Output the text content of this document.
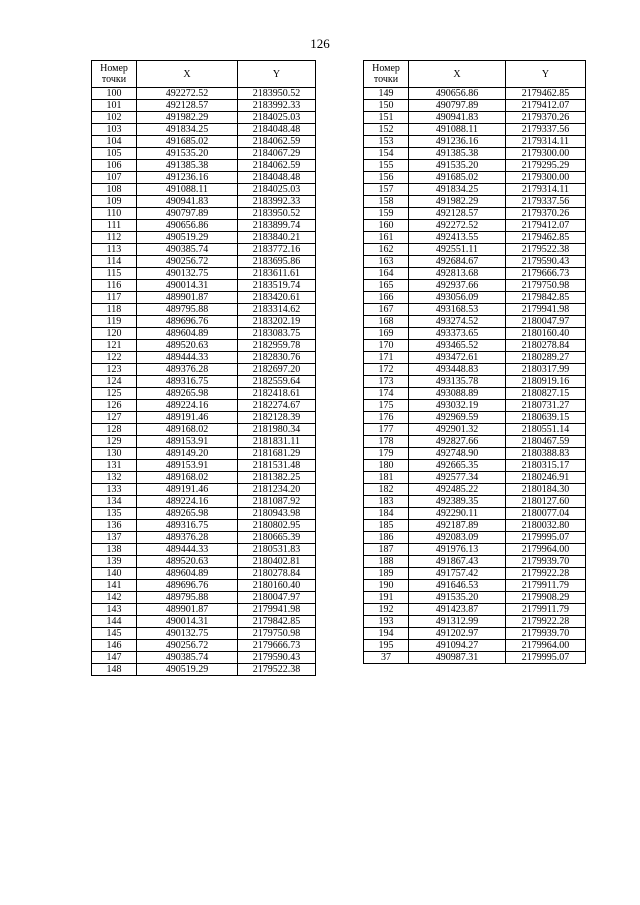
126
Номер точки	X	Y
100	492272.52	2183950.52
101	492128.57	2183992.33
102	491982.29	2184025.03
103	491834.25	2184048.48
104	491685.02	2184062.59
105	491535.20	2184067.29
106	491385.38	2184062.59
107	491236.16	2184048.48
108	491088.11	2184025.03
109	490941.83	2183992.33
110	490797.89	2183950.52
111	490656.86	2183899.74
112	490519.29	2183840.21
113	490385.74	2183772.16
114	490256.72	2183695.86
115	490132.75	2183611.61
116	490014.31	2183519.74
117	489901.87	2183420.61
118	489795.88	2183314.62
119	489696.76	2183202.19
120	489604.89	2183083.75
121	489520.63	2182959.78
122	489444.33	2182830.76
123	489376.28	2182697.20
124	489316.75	2182559.64
125	489265.98	2182418.61
126	489224.16	2182274.67
127	489191.46	2182128.39
128	489168.02	2181980.34
129	489153.91	2181831.11
130	489149.20	2181681.29
131	489153.91	2181531.48
132	489168.02	2181382.25
133	489191.46	2181234.20
134	489224.16	2181087.92
135	489265.98	2180943.98
136	489316.75	2180802.95
137	489376.28	2180665.39
138	489444.33	2180531.83
139	489520.63	2180402.81
140	489604.89	2180278.84
141	489696.76	2180160.40
142	489795.88	2180047.97
143	489901.87	2179941.98
144	490014.31	2179842.85
145	490132.75	2179750.98
146	490256.72	2179666.73
147	490385.74	2179590.43
148	490519.29	2179522.38
Номер точки	X	Y
149	490656.86	2179462.85
150	490797.89	2179412.07
151	490941.83	2179370.26
152	491088.11	2179337.56
153	491236.16	2179314.11
154	491385.38	2179300.00
155	491535.20	2179295.29
156	491685.02	2179300.00
157	491834.25	2179314.11
158	491982.29	2179337.56
159	492128.57	2179370.26
160	492272.52	2179412.07
161	492413.55	2179462.85
162	492551.11	2179522.38
163	492684.67	2179590.43
164	492813.68	2179666.73
165	492937.66	2179750.98
166	493056.09	2179842.85
167	493168.53	2179941.98
168	493274.52	2180047.97
169	493373.65	2180160.40
170	493465.52	2180278.84
171	493472.61	2180289.27
172	493448.83	2180317.99
173	493135.78	2180919.16
174	493088.89	2180827.15
175	493032.19	2180731.27
176	492969.59	2180639.15
177	492901.32	2180551.14
178	492827.66	2180467.59
179	492748.90	2180388.83
180	492665.35	2180315.17
181	492577.34	2180246.91
182	492485.22	2180184.30
183	492389.35	2180127.60
184	492290.11	2180077.04
185	492187.89	2180032.80
186	492083.09	2179995.07
187	491976.13	2179964.00
188	491867.43	2179939.70
189	491757.42	2179922.28
190	491646.53	2179911.79
191	491535.20	2179908.29
192	491423.87	2179911.79
193	491312.99	2179922.28
194	491202.97	2179939.70
195	491094.27	2179964.00
37	490987.31	2179995.07
